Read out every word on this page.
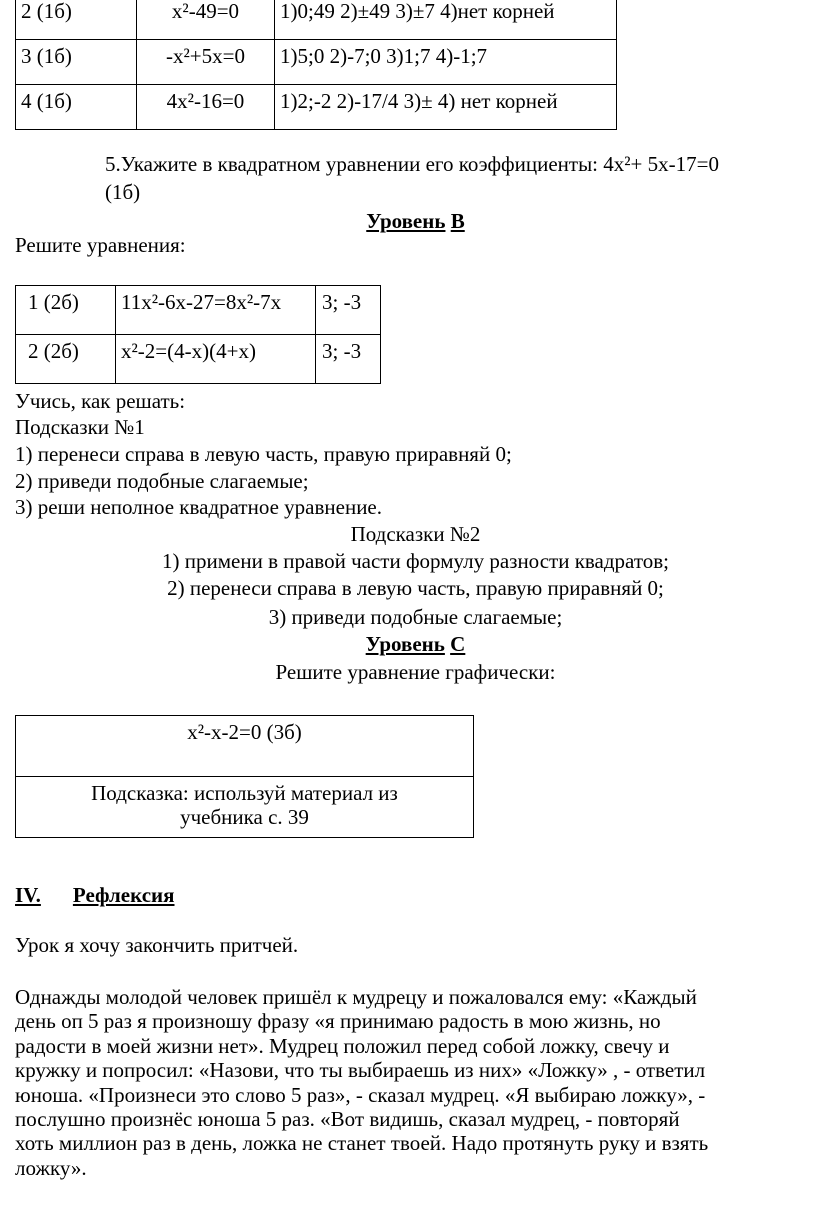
2 (1б)	x²-49=0	1)0;49 2)±49 3)±7 4)нет корней
3 (1б)	-x²+5x=0	1)5;0 2)-7;0 3)1;7 4)-1;7
4 (1б)	4x²-16=0	1)2;-2 2)-17/4 3)± 4) нет корней
5.Укажите в квадратном уравнении его коэффициенты: 4x²+ 5x-17=0
(1б)
Уровень В
Решите уравнения:
1 (2б)	11x²-6x-27=8x²-7x	3; -3
2 (2б)	x²-2=(4-x)(4+x)	3; -3
Учись, как решать:
Подсказки №1
1) перенеси справа в левую часть, правую приравняй 0;
2) приведи подобные слагаемые;
3) реши неполное квадратное уравнение.
Подсказки №2
1) примени в правой части формулу разности квадратов;
2) перенеси справа в левую часть, правую приравняй 0;
3) приведи подобные слагаемые;
Уровень С
Решите уравнение графически:
x²-x-2=0 (3б)

Подсказка: используй материал из
учебника с. 39
IV. Рефлексия
Урок я хочу закончить притчей.
Однажды молодой человек пришёл к мудрецу и пожаловался ему: «Каждый
день оп 5 раз я произношу фразу «я принимаю радость в мою жизнь, но
радости в моей жизни нет». Мудрец положил перед собой ложку, свечу и
кружку и попросил: «Назови, что ты выбираешь из них» «Ложку» , - ответил
юноша. «Произнеси это слово 5 раз», - сказал мудрец. «Я выбираю ложку», -
послушно произнёс юноша 5 раз. «Вот видишь, сказал мудрец, - повторяй
хоть миллион раз в день, ложка не станет твоей. Надо протянуть руку и взять
ложку».
